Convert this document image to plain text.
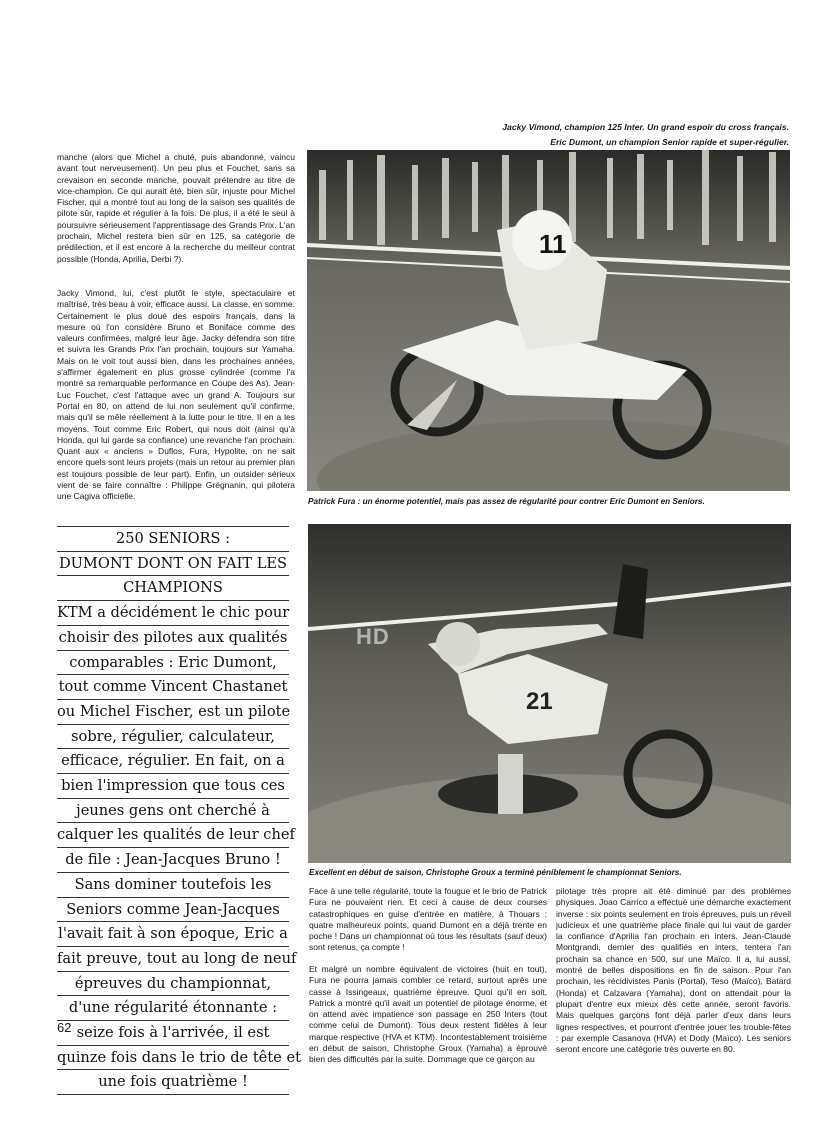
Jacky Vimond, champion 125 Inter. Un grand espoir du cross français.
Eric Dumont, un champion Senior rapide et super-régulier.

manche (alors que Michel a chuté, puis abandonné, vaincu avant tout nerveusement). Un peu plus et Fouchet, sans sa crevaison en seconde manche, pouvait prétendre au titre de vice-champion. Ce qui aurait été, bien sûr, injuste pour Michel Fischer, qui a montré tout au long de la saison ses qualités de pilote sûr, rapide et régulier à la fois. De plus, il a été le seul à poursuivre sérieusement l'apprentissage des Grands Prix. L'an prochain, Michel restera bien sûr en 125, sa catégorie de prédilection, et il est encore à la recherche du meilleur contrat possible (Honda, Aprilia, Derbi ?).

Jacky Vimond, lui, c'est plutôt le style, spectaculaire et maîtrisé, très beau à voir, efficace aussi. La classe, en somme. Certainement le plus doué des espoirs français, dans la mesure où l'on considère Bruno et Boniface comme des valeurs confirmées, malgré leur âge. Jacky défendra son titre et suivra les Grands Prix l'an prochain, toujours sur Yamaha. Mais on le voit tout aussi bien, dans les prochaines années, s'affirmer également en plus grosse cylindrée (comme l'a montré sa remarquable performance en Coupe des As). Jean-Luc Fouchet, c'est l'attaque avec un grand A. Toujours sur Portal en 80, on attend de lui non seulement qu'il confirme, mais qu'il se mêle réellement à la lutte pour le titre. Il en a les moyens. Tout comme Eric Robert, qui nous doit (ainsi qu'à Honda, qui lui garde sa confiance) une revanche l'an prochain. Quant aux « anciens » Duflos, Fura, Hypolite, on ne sait encore quels sont leurs projets (mais un retour au premier plan est toujours possible de leur part). Enfin, un outsider sérieux vient de se faire connaître : Philippe Grégnanin, qui pilotera une Cagiva officielle.

11
Patrick Fura : un énorme potentiel, mais pas assez de régularité pour contrer Eric Dumont en Seniors.
250 SENIORS :
DUMONT DONT ON FAIT LES
CHAMPIONS
KTM a décidément le chic pour
choisir des pilotes aux qualités
comparables : Eric Dumont,
tout comme Vincent Chastanet
ou Michel Fischer, est un pilote
sobre, régulier, calculateur,
efficace, régulier. En fait, on a
bien l'impression que tous ces
jeunes gens ont cherché à
calquer les qualités de leur chef
de file : Jean-Jacques Bruno !
Sans dominer toutefois les
Seniors comme Jean-Jacques
l'avait fait à son époque, Eric a
fait preuve, tout au long de neuf
épreuves du championnat,
d'une régularité étonnante :
seize fois à l'arrivée, il est
quinze fois dans le trio de tête et
une fois quatrième !
21
HD
Excellent en début de saison, Christophe Groux a terminé péniblement le championnat Seniors.

Face à une telle régularité, toute la fougue et le brio de Patrick Fura ne pouvaient rien. Et ceci à cause de deux courses catastrophiques en guise d'entrée en matière, à Thouars : quatre malheureux points, quand Dumont en a déjà trente en poche ! Dans un championnat où tous les résultats (sauf deux) sont retenus, ça compte !

Et malgré un nombre équivalent de victoires (huit en tout), Fura ne pourra jamais combler ce retard, surtout après une casse à Issingeaux, quatrième épreuve. Quoi qu'il en soit, Patrick a montré qu'il avait un potentiel de pilotage énorme, et on attend avec impatience son passage en 250 Inters (tout comme celui de Dumont). Tous deux restent fidèles à leur marque respective (HVA et KTM). Incontestablement troisième en début de saison, Christophe Groux (Yamaha) a éprouvé bien des difficultés par la suite. Dommage que ce garçon au

pilotage très propre ait été diminué par des problèmes physiques. Joao Carrico a effectué une démarche exactement inverse : six points seulement en trois épreuves, puis un réveil judicieux et une quatrième place finale qui lui vaut de garder la confiance d'Aprilia l'an prochain en inters. Jean-Claude Montgrandi, dernier des qualifiés en inters, tentera l'an prochain sa chance en 500, sur une Maïco. Il a, lui aussi, montré de belles dispositions en fin de saison. Pour l'an prochain, les récidivistes Panis (Portal), Teso (Maïco), Batard (Honda) et Calzavara (Yamaha), dont on attendait pour la plupart d'entre eux mieux dès cette année, seront favoris. Mais quelques garçons font déjà parler d'eux dans leurs lignes respectives, et pourront d'entrée jouer les trouble-fêtes : par exemple Casanova (HVA) et Dody (Maïco). Les seniors seront encore une catégorie très ouverte en 80.

62
